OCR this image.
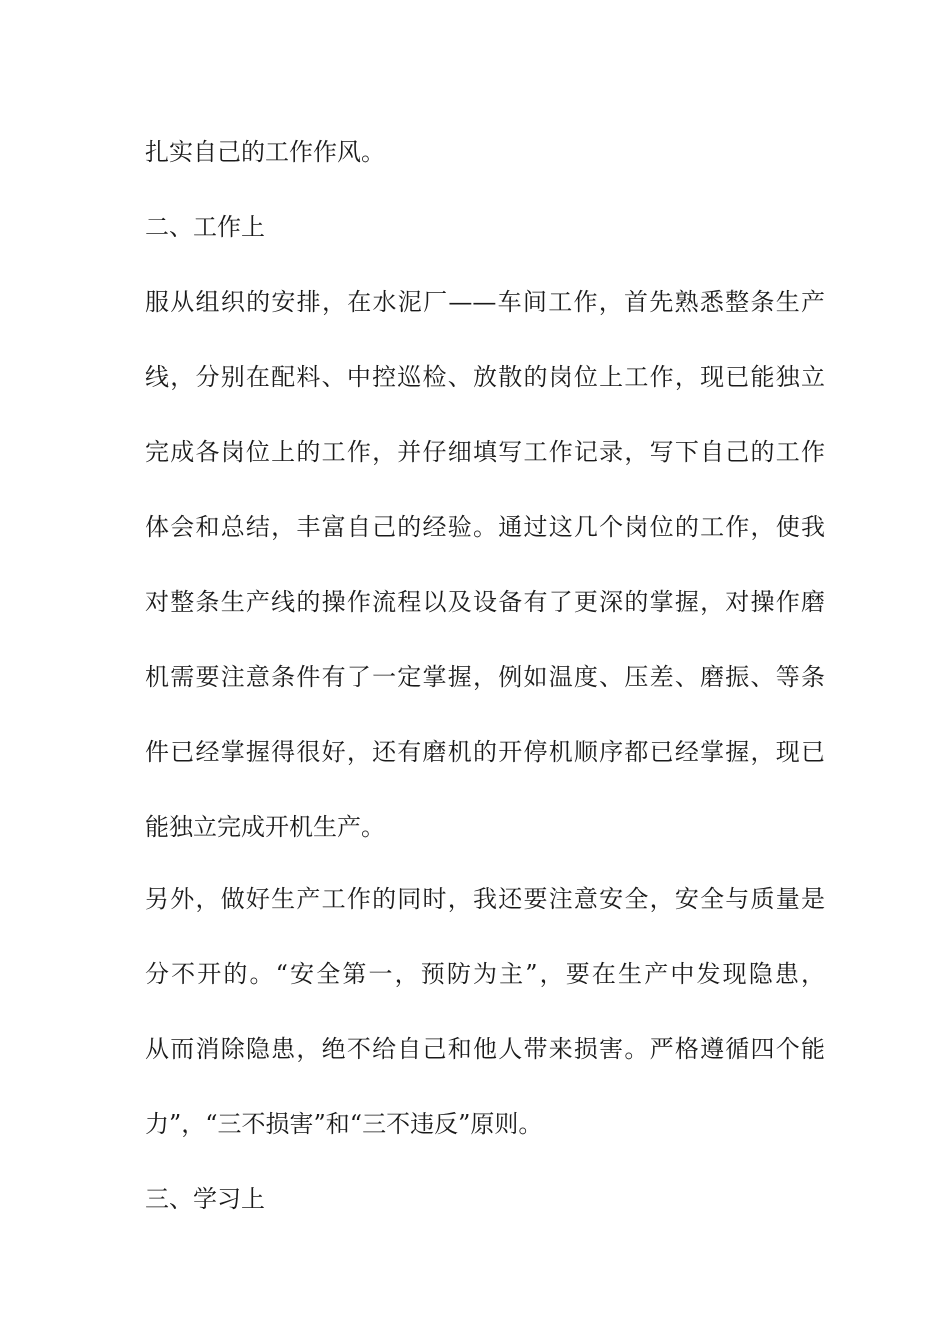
扎实自己的工作作风。
二、工作上
服从组织的安排，在水泥厂——车间工作，首先熟悉整条生产
线，分别在配料、中控巡检、放散的岗位上工作，现已能独立
完成各岗位上的工作，并仔细填写工作记录，写下自己的工作
体会和总结，丰富自己的经验。通过这几个岗位的工作，使我
对整条生产线的操作流程以及设备有了更深的掌握，对操作磨
机需要注意条件有了一定掌握，例如温度、压差、磨振、等条
件已经掌握得很好，还有磨机的开停机顺序都已经掌握，现已
能独立完成开机生产。
另外，做好生产工作的同时，我还要注意安全，安全与质量是
分不开的。“安全第一，预防为主”，要在生产中发现隐患，
从而消除隐患，绝不给自己和他人带来损害。严格遵循四个能
力”，“三不损害”和“三不违反”原则。
三、学习上
